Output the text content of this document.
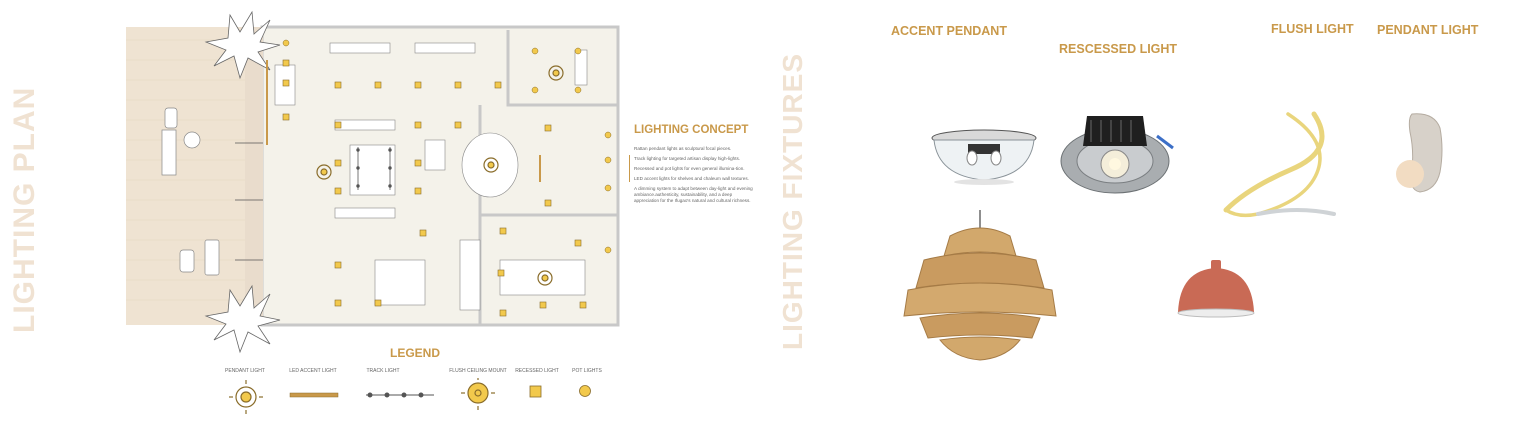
LIGHTING PLAN	LIGHTING CONCEPT

Rattan pendant lights as sculptural focal pieces.

Track lighting for targeted artisan display high-lights.

Recessed and pot lights for even general illumina-tion.

LED accent lights for shelves and chaleum wall textures.

A dimming system to adapt between day-light and evening ambiance.authenticity, sustainability, and a deep appreciation for the Ifugao's natural and cultural richness.

LEGEND
PENDANT LIGHT	LED ACCENT LIGHT	TRACK LIGHT	FLUSH CEILING MOUNT RECESSED LIGHT	POT LIGHTS
LIGHTING FIXTURES
ACCENT PENDANT
RESCESSED LIGHT
FLUSH LIGHT PENDANT LIGHT
